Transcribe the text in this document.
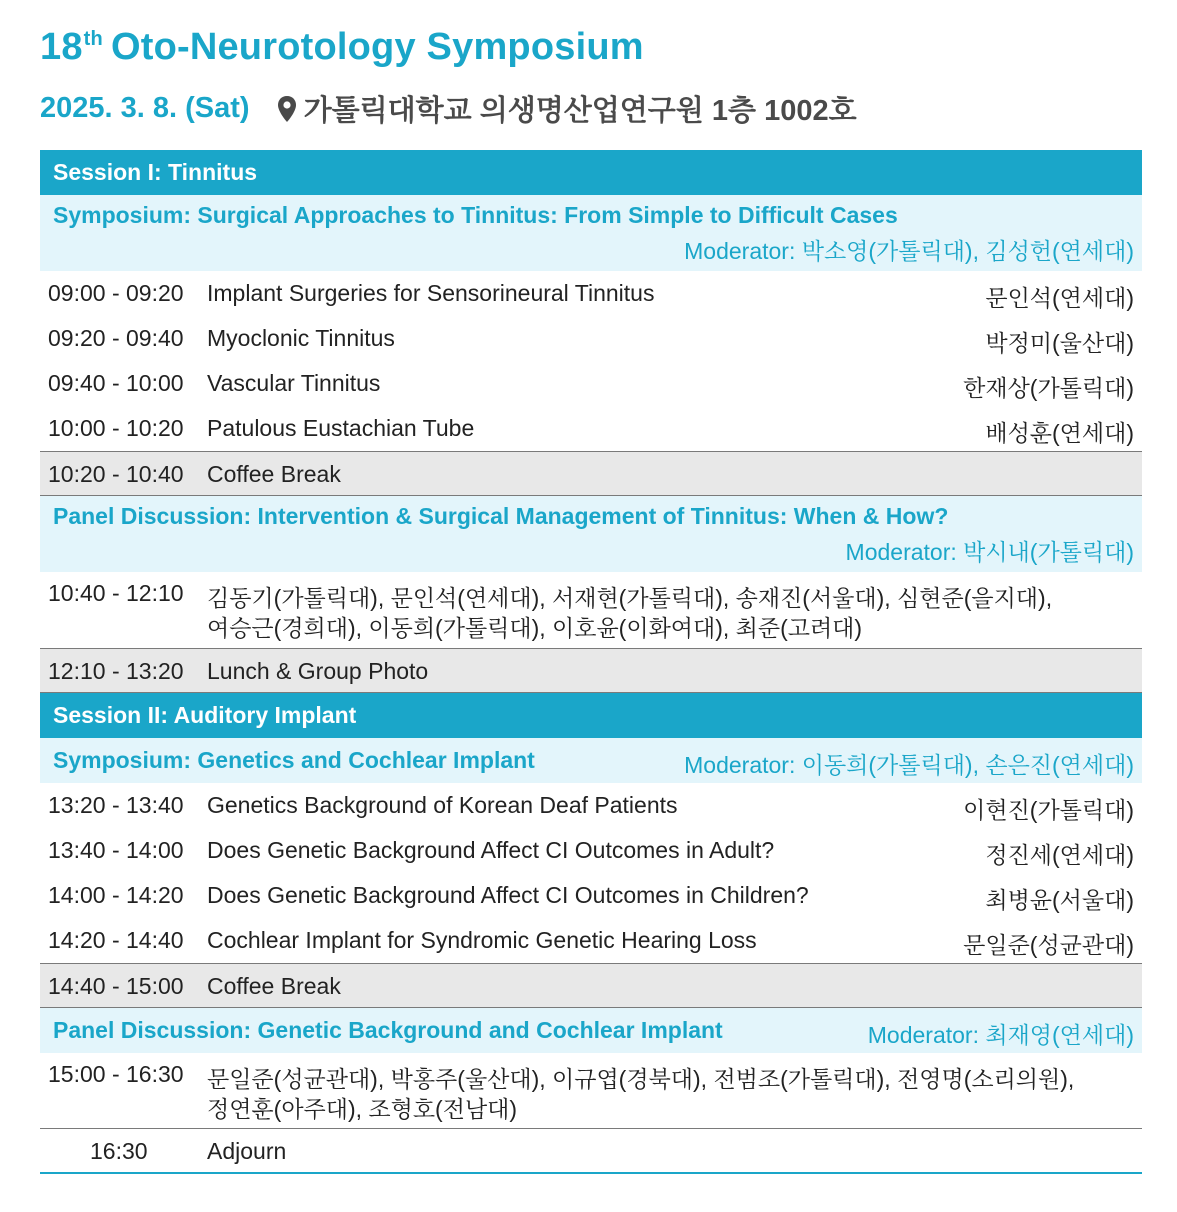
18th Oto-Neurotology Symposium
2025. 3. 8. (Sat) 가톨릭대학교 의생명산업연구원 1층 1002호
Session I: Tinnitus
Symposium: Surgical Approaches to Tinnitus: From Simple to Difficult Cases
Moderator: 박소영(가톨릭대), 김성헌(연세대)
09:00 - 09:20 Implant Surgeries for Sensorineural Tinnitus	문인석(연세대)
09:20 - 09:40 Myoclonic Tinnitus	박정미(울산대)
09:40 - 10:00 Vascular Tinnitus	한재상(가톨릭대)
10:00 - 10:20 Patulous Eustachian Tube	배성훈(연세대)
10:20 - 10:40 Coffee Break
Panel Discussion: Intervention & Surgical Management of Tinnitus: When & How?
Moderator: 박시내(가톨릭대)
10:40 - 12:10 김동기(가톨릭대), 문인석(연세대), 서재현(가톨릭대), 송재진(서울대), 심현준(을지대),
여승근(경희대), 이동희(가톨릭대), 이호윤(이화여대), 최준(고려대)
12:10 - 13:20 Lunch & Group Photo
Session II: Auditory Implant
Symposium: Genetics and Cochlear Implant	Moderator: 이동희(가톨릭대), 손은진(연세대)
13:20 - 13:40 Genetics Background of Korean Deaf Patients	이현진(가톨릭대)
13:40 - 14:00 Does Genetic Background Affect CI Outcomes in Adult?	정진세(연세대)
14:00 - 14:20 Does Genetic Background Affect CI Outcomes in Children?	최병윤(서울대)
14:20 - 14:40 Cochlear Implant for Syndromic Genetic Hearing Loss	문일준(성균관대)
14:40 - 15:00 Coffee Break
Panel Discussion: Genetic Background and Cochlear Implant	Moderator: 최재영(연세대)
15:00 - 16:30 문일준(성균관대), 박홍주(울산대), 이규엽(경북대), 전범조(가톨릭대), 전영명(소리의원),
정연훈(아주대), 조형호(전남대)
16:30	Adjourn
